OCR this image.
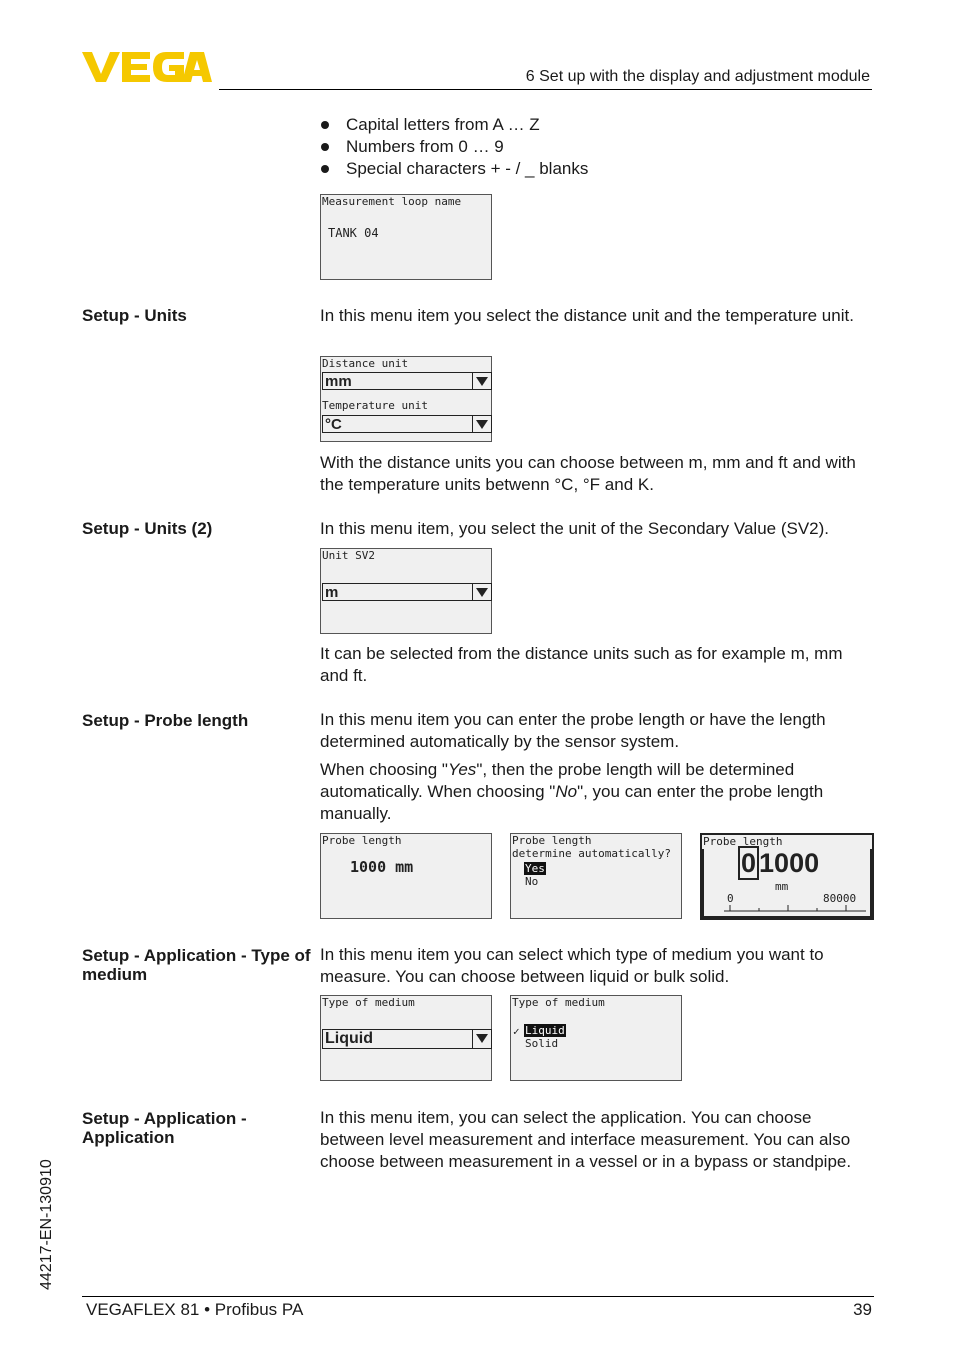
6 Set up with the display and adjustment module
Capital letters from A … Z
Numbers from 0 … 9
Special characters + - / _ blanks
Measurement loop name
TANK 04
Setup - Units	In this menu item you select the distance unit and the temperature unit.

Distance unit
mm
Temperature unit
°C

With the distance units you can choose between m, mm and ft and with the temperature units betwenn °C, °F and K.

Setup - Units (2)	In this menu item, you select the unit of the Secondary Value (SV2).

Unit SV2
m

It can be selected from the distance units such as for example m, mm and ft.

Setup - Probe length	In this menu item you can enter the probe length or have the length determined automatically by the sensor system.

When choosing "Yes", then the probe length will be determined automatically. When choosing "No", you can enter the probe length manually.

Probe length
1000 mm
Probe length
determine automatically?
Yes
No
Probe length
0 1000
mm
0	80000
Setup - Application - Type of medium

In this menu item you can select which type of medium you want to measure. You can choose between liquid or bulk solid.

Type of medium
Liquid
Type of medium
✓ Liquid
Solid
Setup - Application - Application

In this menu item, you can select the application. You can choose between level measurement and interface measurement. You can also choose between measurement in a vessel or in a bypass or standpipe.

44217-EN-130910
VEGAFLEX 81 • Profibus PA	39
